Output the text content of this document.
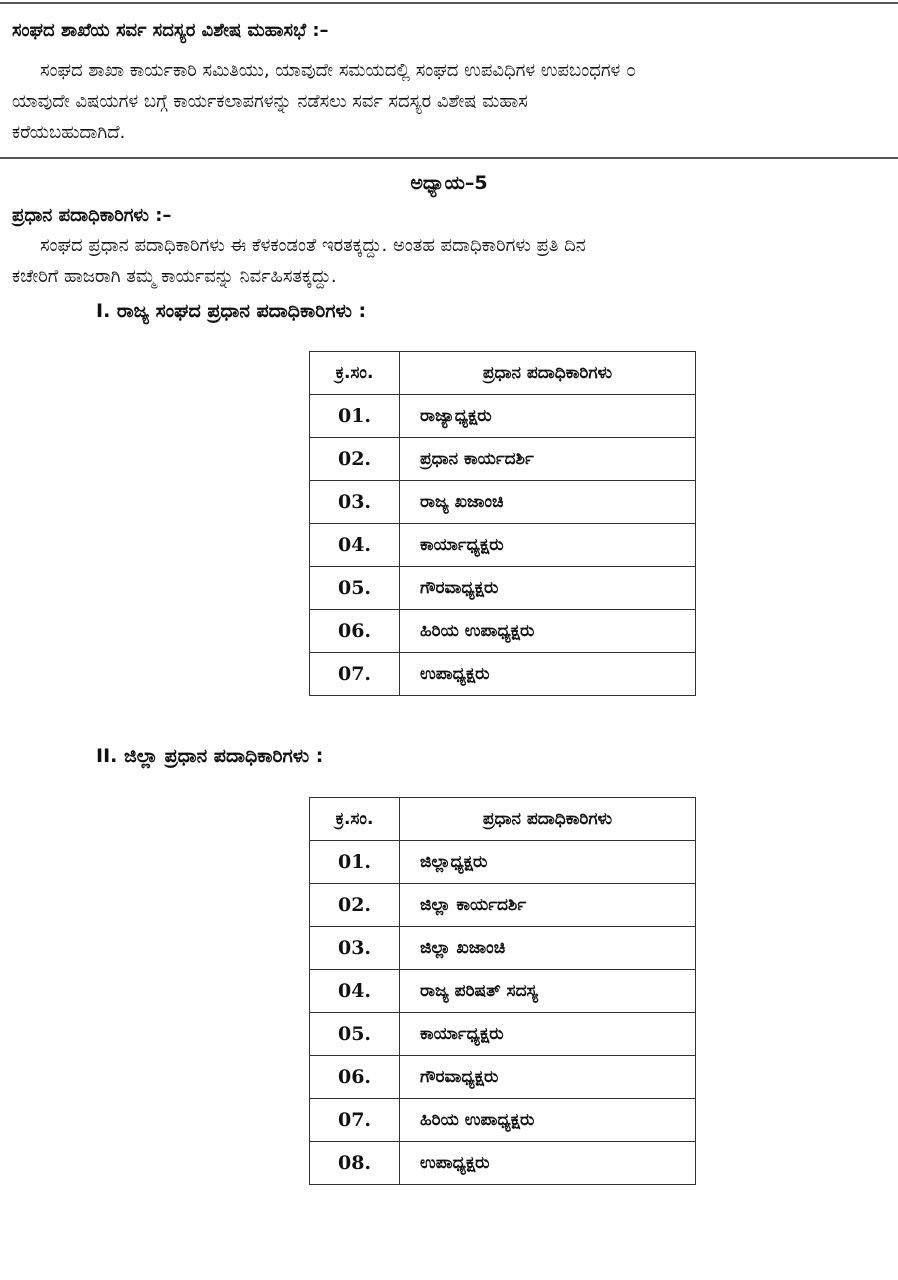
ಸಂಘದ ಶಾಖೆಯ ಸರ್ವ ಸದಸ್ಯರ ವಿಶೇಷ ಮಹಾಸಭೆ :–
ಸಂಘದ ಶಾಖಾ ಕಾರ್ಯಕಾರಿ ಸಮಿತಿಯು, ಯಾವುದೇ ಸಮಯದಲ್ಲಿ ಸಂಘದ ಉಪವಿಧಿಗಳ ಉಪಬಂಧಗಳ ೦
ಯಾವುದೇ ವಿಷಯಗಳ ಬಗ್ಗೆ ಕಾರ್ಯಕಲಾಪಗಳನ್ನು ನಡೆಸಲು ಸರ್ವ ಸದಸ್ಯರ ವಿಶೇಷ ಮಹಾಸ
ಕರೆಯಬಹುದಾಗಿದೆ.
ಅಧ್ಯಾಯ–5
ಪ್ರಧಾನ ಪದಾಧಿಕಾರಿಗಳು :–
ಸಂಘದ ಪ್ರಧಾನ ಪದಾಧಿಕಾರಿಗಳು ಈ ಕೆಳಕಂಡಂತೆ ಇರತಕ್ಕದ್ದು. ಅಂತಹ ಪದಾಧಿಕಾರಿಗಳು ಪ್ರತಿ ದಿನ
ಕಚೇರಿಗೆ ಹಾಜರಾಗಿ ತಮ್ಮ ಕಾರ್ಯವನ್ನು ನಿರ್ವಹಿಸತಕ್ಕದ್ದು.
I. ರಾಜ್ಯ ಸಂಘದ ಪ್ರಧಾನ ಪದಾಧಿಕಾರಿಗಳು :
ಕ್ರ.ಸಂ.	ಪ್ರಧಾನ ಪದಾಧಿಕಾರಿಗಳು
01.	ರಾಜ್ಯಾಧ್ಯಕ್ಷರು
02.	ಪ್ರಧಾನ ಕಾರ್ಯದರ್ಶಿ
03.	ರಾಜ್ಯ ಖಜಾಂಚಿ
04.	ಕಾರ್ಯಾಧ್ಯಕ್ಷರು
05.	ಗೌರವಾಧ್ಯಕ್ಷರು
06.	ಹಿರಿಯ ಉಪಾಧ್ಯಕ್ಷರು
07.	ಉಪಾಧ್ಯಕ್ಷರು
II. ಜಿಲ್ಲಾ ಪ್ರಧಾನ ಪದಾಧಿಕಾರಿಗಳು :
ಕ್ರ.ಸಂ.	ಪ್ರಧಾನ ಪದಾಧಿಕಾರಿಗಳು
01.	ಜಿಲ್ಲಾಧ್ಯಕ್ಷರು
02.	ಜಿಲ್ಲಾ ಕಾರ್ಯದರ್ಶಿ
03.	ಜಿಲ್ಲಾ ಖಜಾಂಚಿ
04.	ರಾಜ್ಯ ಪರಿಷತ್ ಸದಸ್ಯ
05.	ಕಾರ್ಯಾಧ್ಯಕ್ಷರು
06.	ಗೌರವಾಧ್ಯಕ್ಷರು
07.	ಹಿರಿಯ ಉಪಾಧ್ಯಕ್ಷರು
08.	ಉಪಾಧ್ಯಕ್ಷರು
